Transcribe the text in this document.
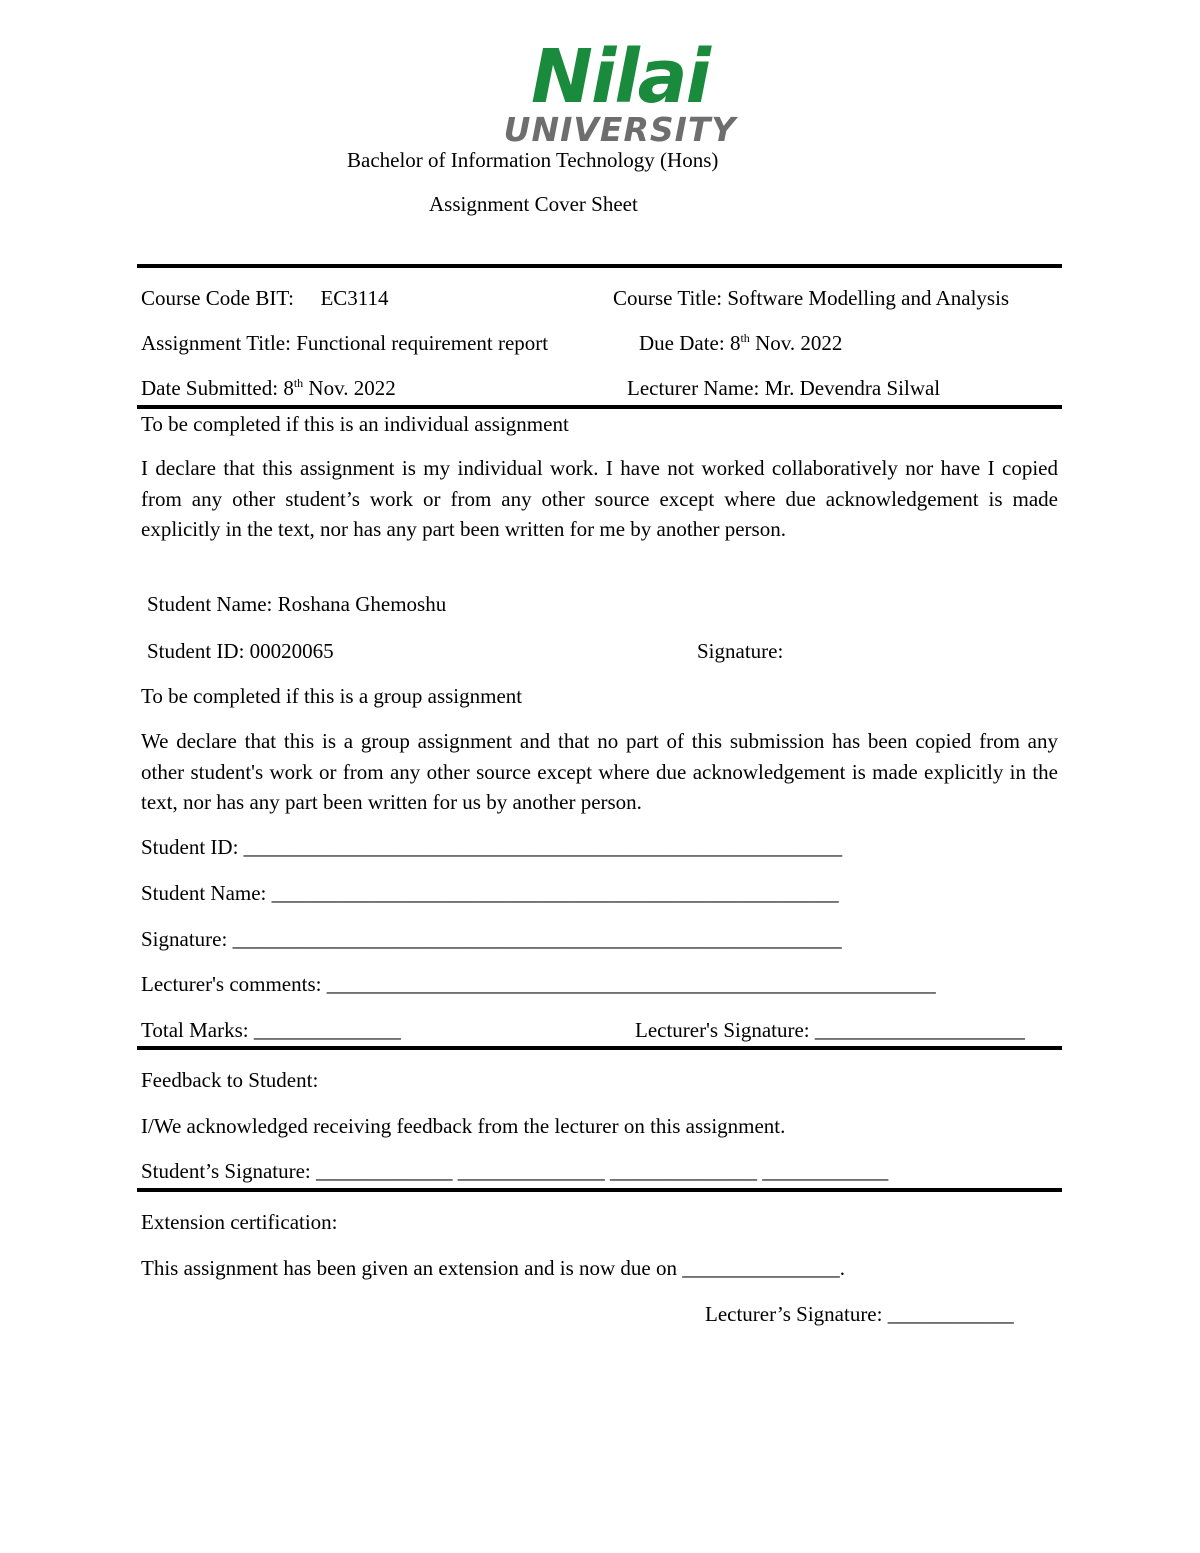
Nilai
UNIVERSITY
Bachelor of Information Technology (Hons)
Assignment Cover Sheet
Course Code BIT: EC3114	Course Title: Software Modelling and Analysis
Assignment Title: Functional requirement report	Due Date: 8th Nov. 2022
Date Submitted: 8th Nov. 2022	Lecturer Name: Mr. Devendra Silwal
To be completed if this is an individual assignment
I declare that this assignment is my individual work. I have not worked collaboratively nor have I copied from any other student’s work or from any other source except where due acknowledgement is made explicitly in the text, nor has any part been written for me by another person.
Student Name: Roshana Ghemoshu
Student ID: 00020065	Signature:
To be completed if this is a group assignment
We declare that this is a group assignment and that no part of this submission has been copied from any other student's work or from any other source except where due acknowledgement is made explicitly in the text, nor has any part been written for us by another person.
Student ID: _________________________________________________________
Student Name: ______________________________________________________
Signature: __________________________________________________________
Lecturer's comments: __________________________________________________________
Total Marks: ______________	Lecturer's Signature: ____________________
Feedback to Student:
I/We acknowledged receiving feedback from the lecturer on this assignment.
Student’s Signature: _____________ ______________ ______________ ____________
Extension certification:
This assignment has been given an extension and is now due on _______________.
Lecturer’s Signature: ____________
